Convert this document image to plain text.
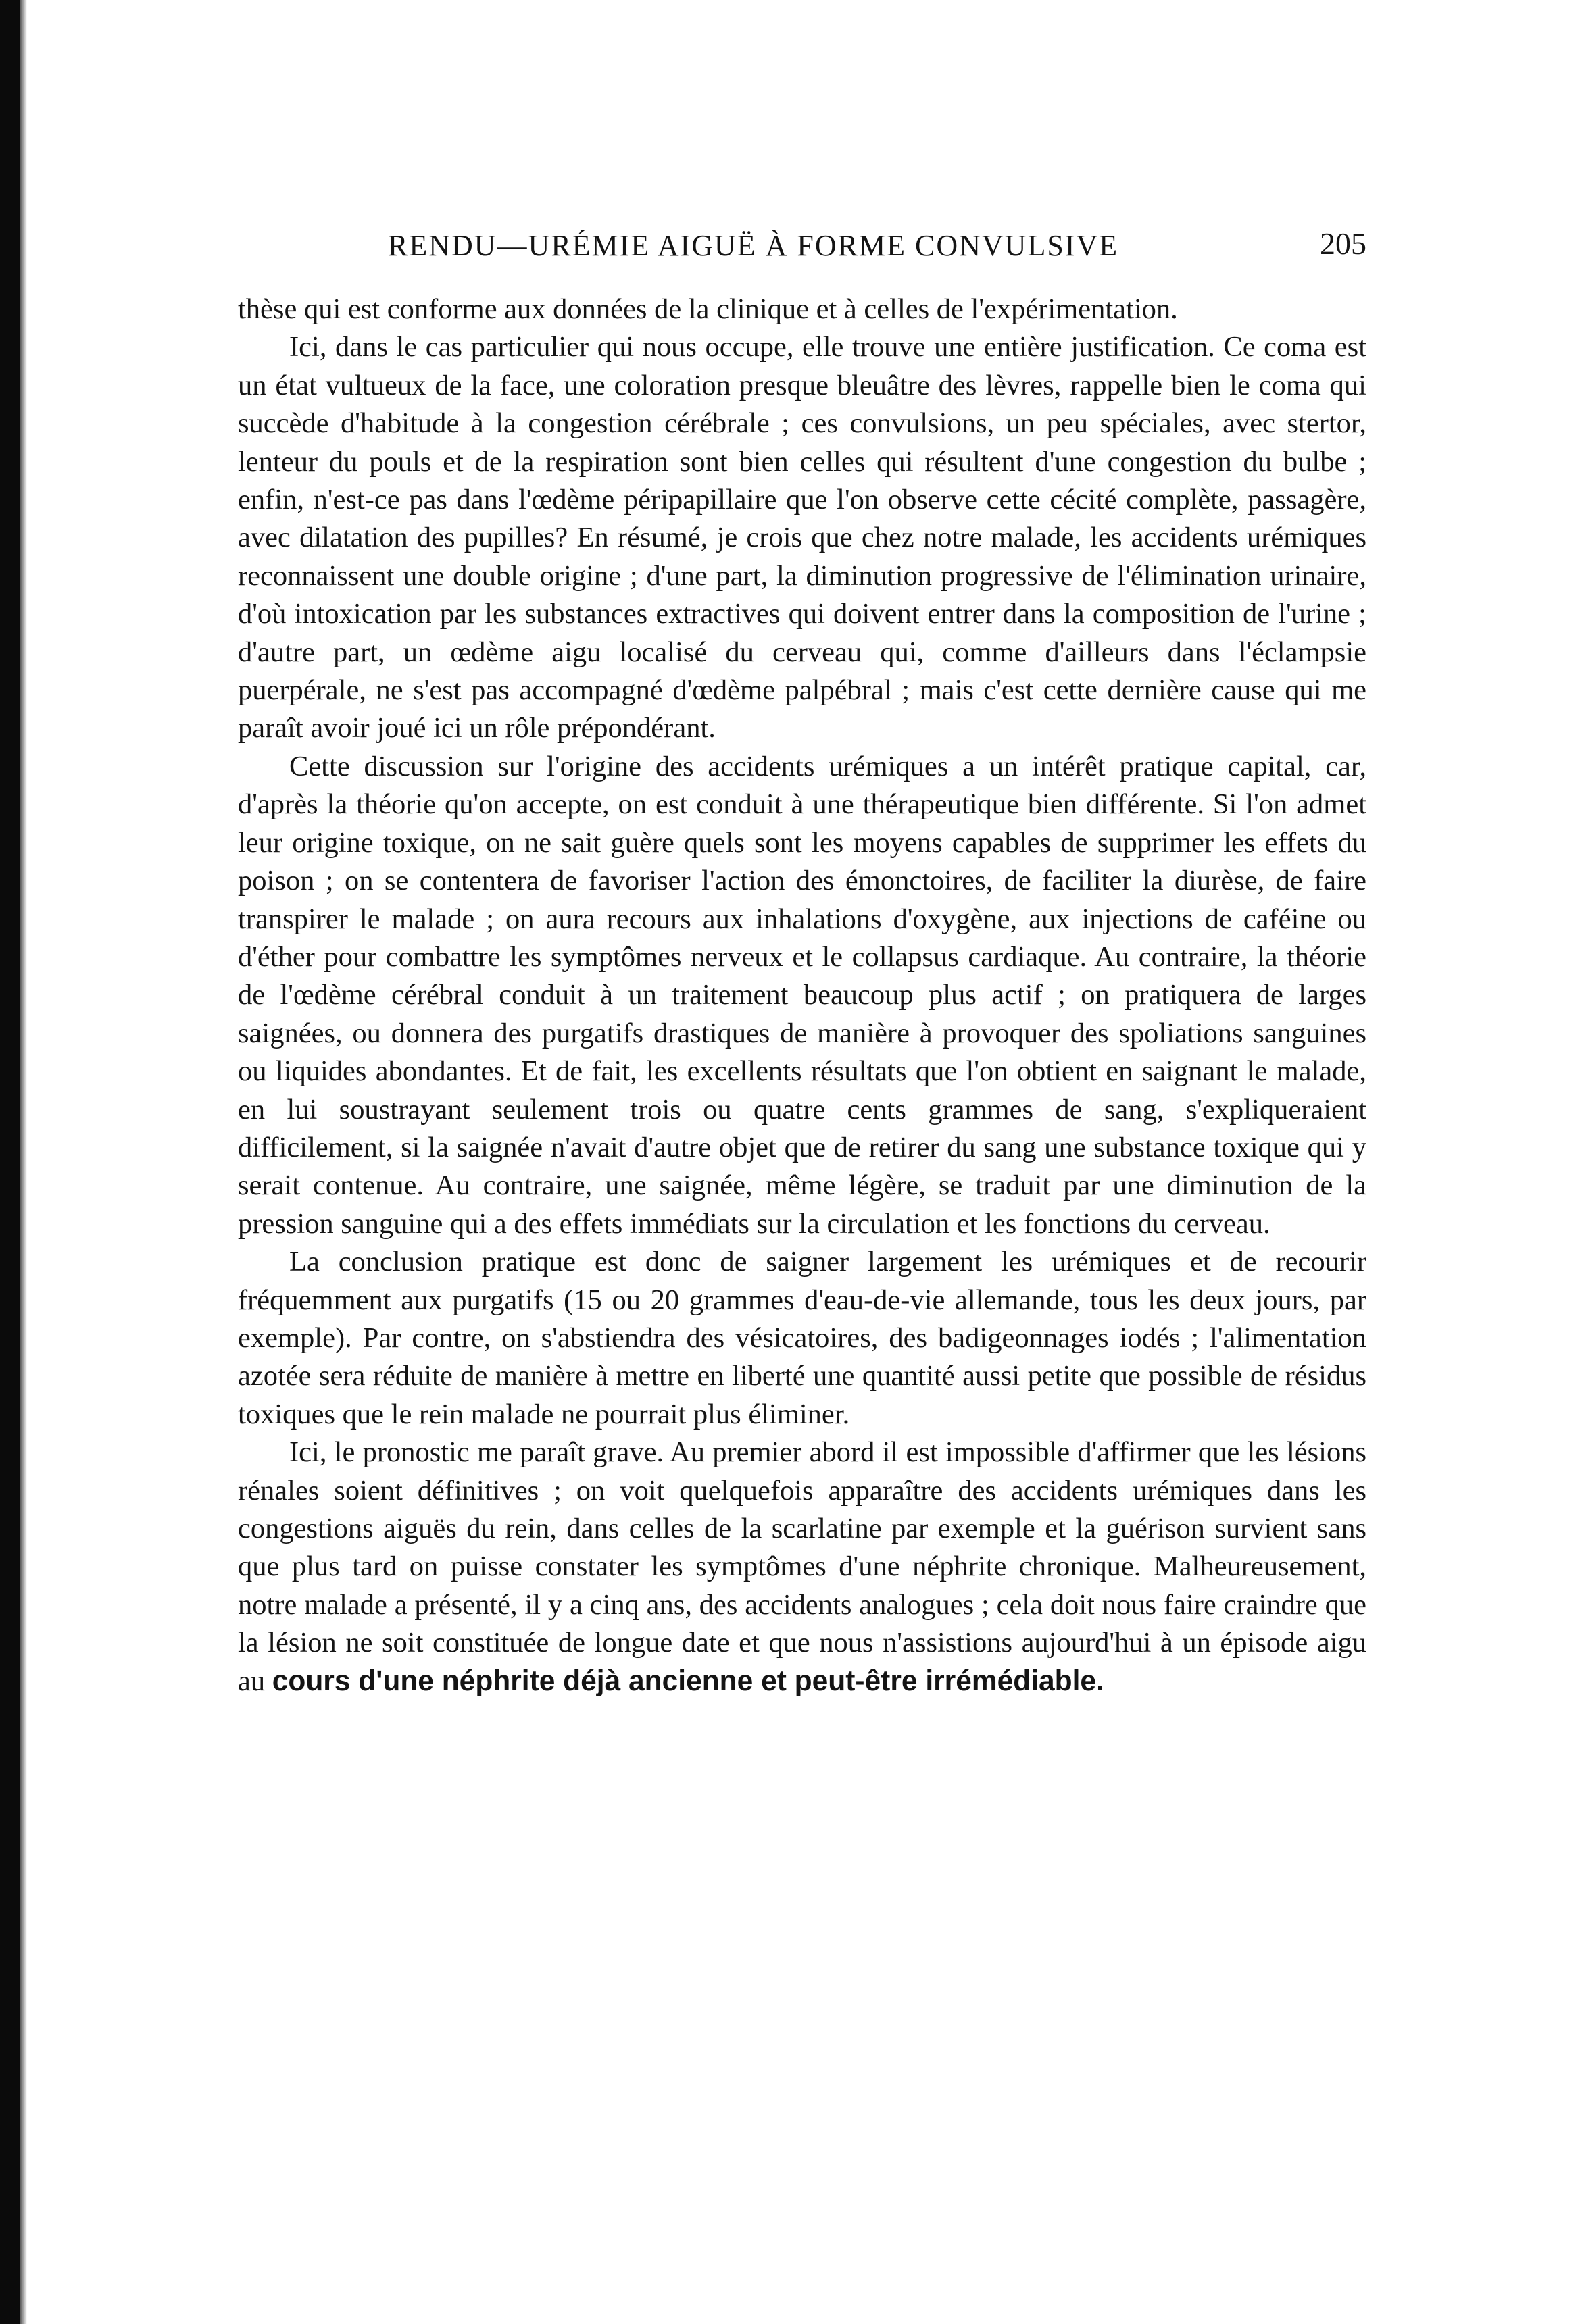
RENDU—URÉMIE AIGUË À FORME CONVULSIVE	205

thèse qui est conforme aux données de la clinique et à celles de l'expérimentation.

Ici, dans le cas particulier qui nous occupe, elle trouve une entière justification. Ce coma est un état vultueux de la face, une coloration presque bleuâtre des lèvres, rappelle bien le coma qui succède d'habitude à la congestion cérébrale ; ces convulsions, un peu spéciales, avec stertor, lenteur du pouls et de la respiration sont bien celles qui résultent d'une congestion du bulbe ; enfin, n'est-ce pas dans l'œdème péripapillaire que l'on observe cette cécité complète, passagère, avec dilatation des pupilles? En résumé, je crois que chez notre malade, les accidents urémiques reconnaissent une double origine ; d'une part, la diminution progressive de l'élimination urinaire, d'où intoxication par les substances extractives qui doivent entrer dans la composition de l'urine ; d'autre part, un œdème aigu localisé du cerveau qui, comme d'ailleurs dans l'éclampsie puerpérale, ne s'est pas accompagné d'œdème palpébral ; mais c'est cette dernière cause qui me paraît avoir joué ici un rôle prépondérant.

Cette discussion sur l'origine des accidents urémiques a un intérêt pratique capital, car, d'après la théorie qu'on accepte, on est conduit à une thérapeutique bien différente. Si l'on admet leur origine toxique, on ne sait guère quels sont les moyens capables de supprimer les effets du poison ; on se contentera de favoriser l'action des émonctoires, de faciliter la diurèse, de faire transpirer le malade ; on aura recours aux inhalations d'oxygène, aux injections de caféine ou d'éther pour combattre les symptômes nerveux et le collapsus cardiaque. Au contraire, la théorie de l'œdème cérébral conduit à un traitement beaucoup plus actif ; on pratiquera de larges saignées, ou donnera des purgatifs drastiques de manière à provoquer des spoliations sanguines ou liquides abondantes. Et de fait, les excellents résultats que l'on obtient en saignant le malade, en lui soustrayant seulement trois ou quatre cents grammes de sang, s'expliqueraient difficilement, si la saignée n'avait d'autre objet que de retirer du sang une substance toxique qui y serait contenue. Au contraire, une saignée, même légère, se traduit par une diminution de la pression sanguine qui a des effets immédiats sur la circulation et les fonctions du cerveau.

La conclusion pratique est donc de saigner largement les urémiques et de recourir fréquemment aux purgatifs (15 ou 20 grammes d'eau-de-vie allemande, tous les deux jours, par exemple). Par contre, on s'abstiendra des vésicatoires, des badigeonnages iodés ; l'alimentation azotée sera réduite de manière à mettre en liberté une quantité aussi petite que possible de résidus toxiques que le rein malade ne pourrait plus éliminer.

Ici, le pronostic me paraît grave. Au premier abord il est impossible d'affirmer que les lésions rénales soient définitives ; on voit quelquefois apparaître des accidents urémiques dans les congestions aiguës du rein, dans celles de la scarlatine par exemple et la guérison survient sans que plus tard on puisse constater les symptômes d'une néphrite chronique. Malheureusement, notre malade a présenté, il y a cinq ans, des accidents analogues ; cela doit nous faire craindre que la lésion ne soit constituée de longue date et que nous n'assistions aujourd'hui à un épisode aigu au cours d'une néphrite déjà ancienne et peut-être irrémédiable.
